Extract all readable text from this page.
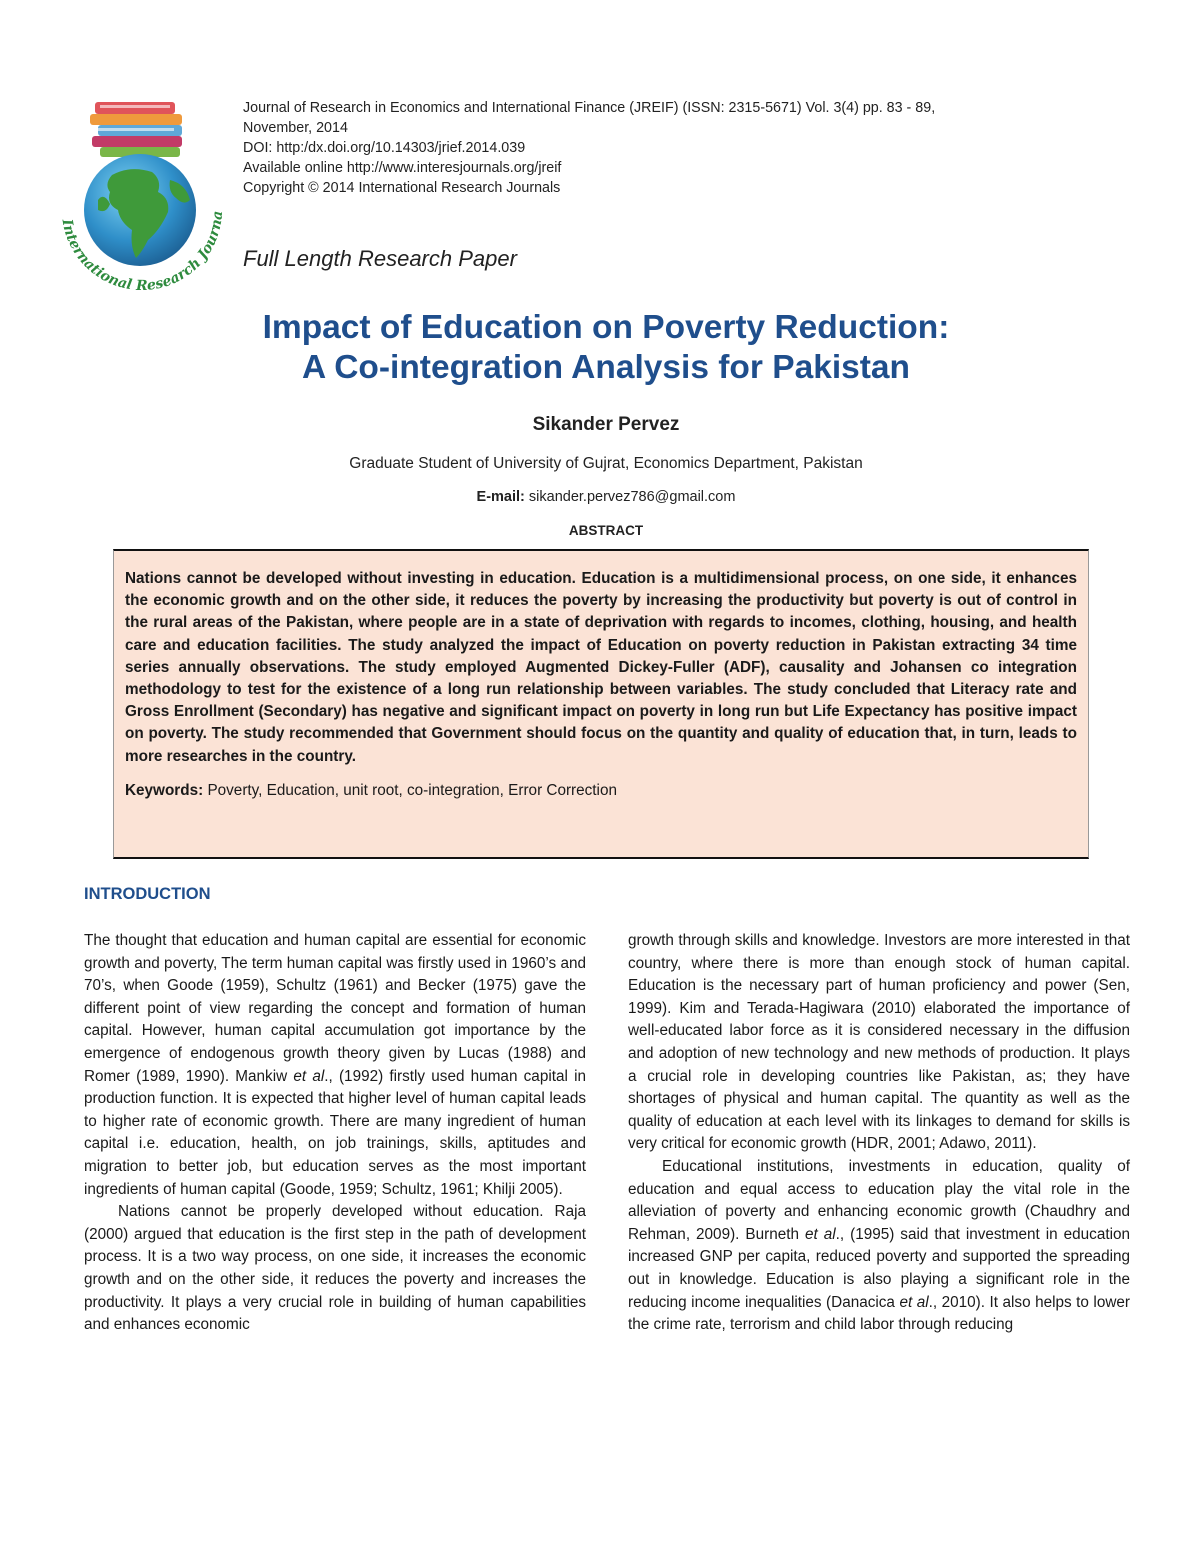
International Research Journa
Journal of Research in Economics and International Finance (JREIF) (ISSN: 2315-5671) Vol. 3(4) pp. 83 - 89,
November, 2014
DOI: http:/dx.doi.org/10.14303/jrief.2014.039
Available online http://www.interesjournals.org/jreif
Copyright © 2014 International Research Journals
Full Length Research Paper
Impact of Education on Poverty Reduction:
A Co-integration Analysis for Pakistan
Sikander Pervez
Graduate Student of University of Gujrat, Economics Department, Pakistan
E-mail: sikander.pervez786@gmail.com
ABSTRACT

Nations cannot be developed without investing in education. Education is a multidimensional process, on one side, it enhances the economic growth and on the other side, it reduces the poverty by increasing the productivity but poverty is out of control in the rural areas of the Pakistan, where people are in a state of deprivation with regards to incomes, clothing, housing, and health care and education facilities. The study analyzed the impact of Education on poverty reduction in Pakistan extracting 34 time series annually observations. The study employed Augmented Dickey-Fuller (ADF), causality and Johansen co integration methodology to test for the existence of a long run relationship between variables. The study concluded that Literacy rate and Gross Enrollment (Secondary) has negative and significant impact on poverty in long run but Life Expectancy has positive impact on poverty. The study recommended that Government should focus on the quantity and quality of education that, in turn, leads to more researches in the country.

Keywords: Poverty, Education, unit root, co-integration, Error Correction
INTRODUCTION

The thought that education and human capital are essential for economic growth and poverty, The term human capital was firstly used in 1960’s and 70’s, when Goode (1959), Schultz (1961) and Becker (1975) gave the different point of view regarding the concept and formation of human capital. However, human capital accumulation got importance by the emergence of endogenous growth theory given by Lucas (1988) and Romer (1989, 1990). Mankiw et al., (1992) firstly used human capital in production function. It is expected that higher level of human capital leads to higher rate of economic growth. There are many ingredient of human capital i.e. education, health, on job trainings, skills, aptitudes and migration to better job, but education serves as the most important ingredients of human capital (Goode, 1959; Schultz, 1961; Khilji 2005).

Nations cannot be properly developed without education. Raja (2000) argued that education is the first step in the path of development process. It is a two way process, on one side, it increases the economic growth and on the other side, it reduces the poverty and increases the productivity. It plays a very crucial role in building of human capabilities and enhances economic

growth through skills and knowledge. Investors are more interested in that country, where there is more than enough stock of human capital. Education is the necessary part of human proficiency and power (Sen, 1999). Kim and Terada-Hagiwara (2010) elaborated the importance of well-educated labor force as it is considered necessary in the diffusion and adoption of new technology and new methods of production. It plays a crucial role in developing countries like Pakistan, as; they have shortages of physical and human capital. The quantity as well as the quality of education at each level with its linkages to demand for skills is very critical for economic growth (HDR, 2001; Adawo, 2011).

Educational institutions, investments in education, quality of education and equal access to education play the vital role in the alleviation of poverty and enhancing economic growth (Chaudhry and Rehman, 2009). Burneth et al., (1995) said that investment in education increased GNP per capita, reduced poverty and supported the spreading out in knowledge. Education is also playing a significant role in the reducing income inequalities (Danacica et al., 2010). It also helps to lower the crime rate, terrorism and child labor through reducing
